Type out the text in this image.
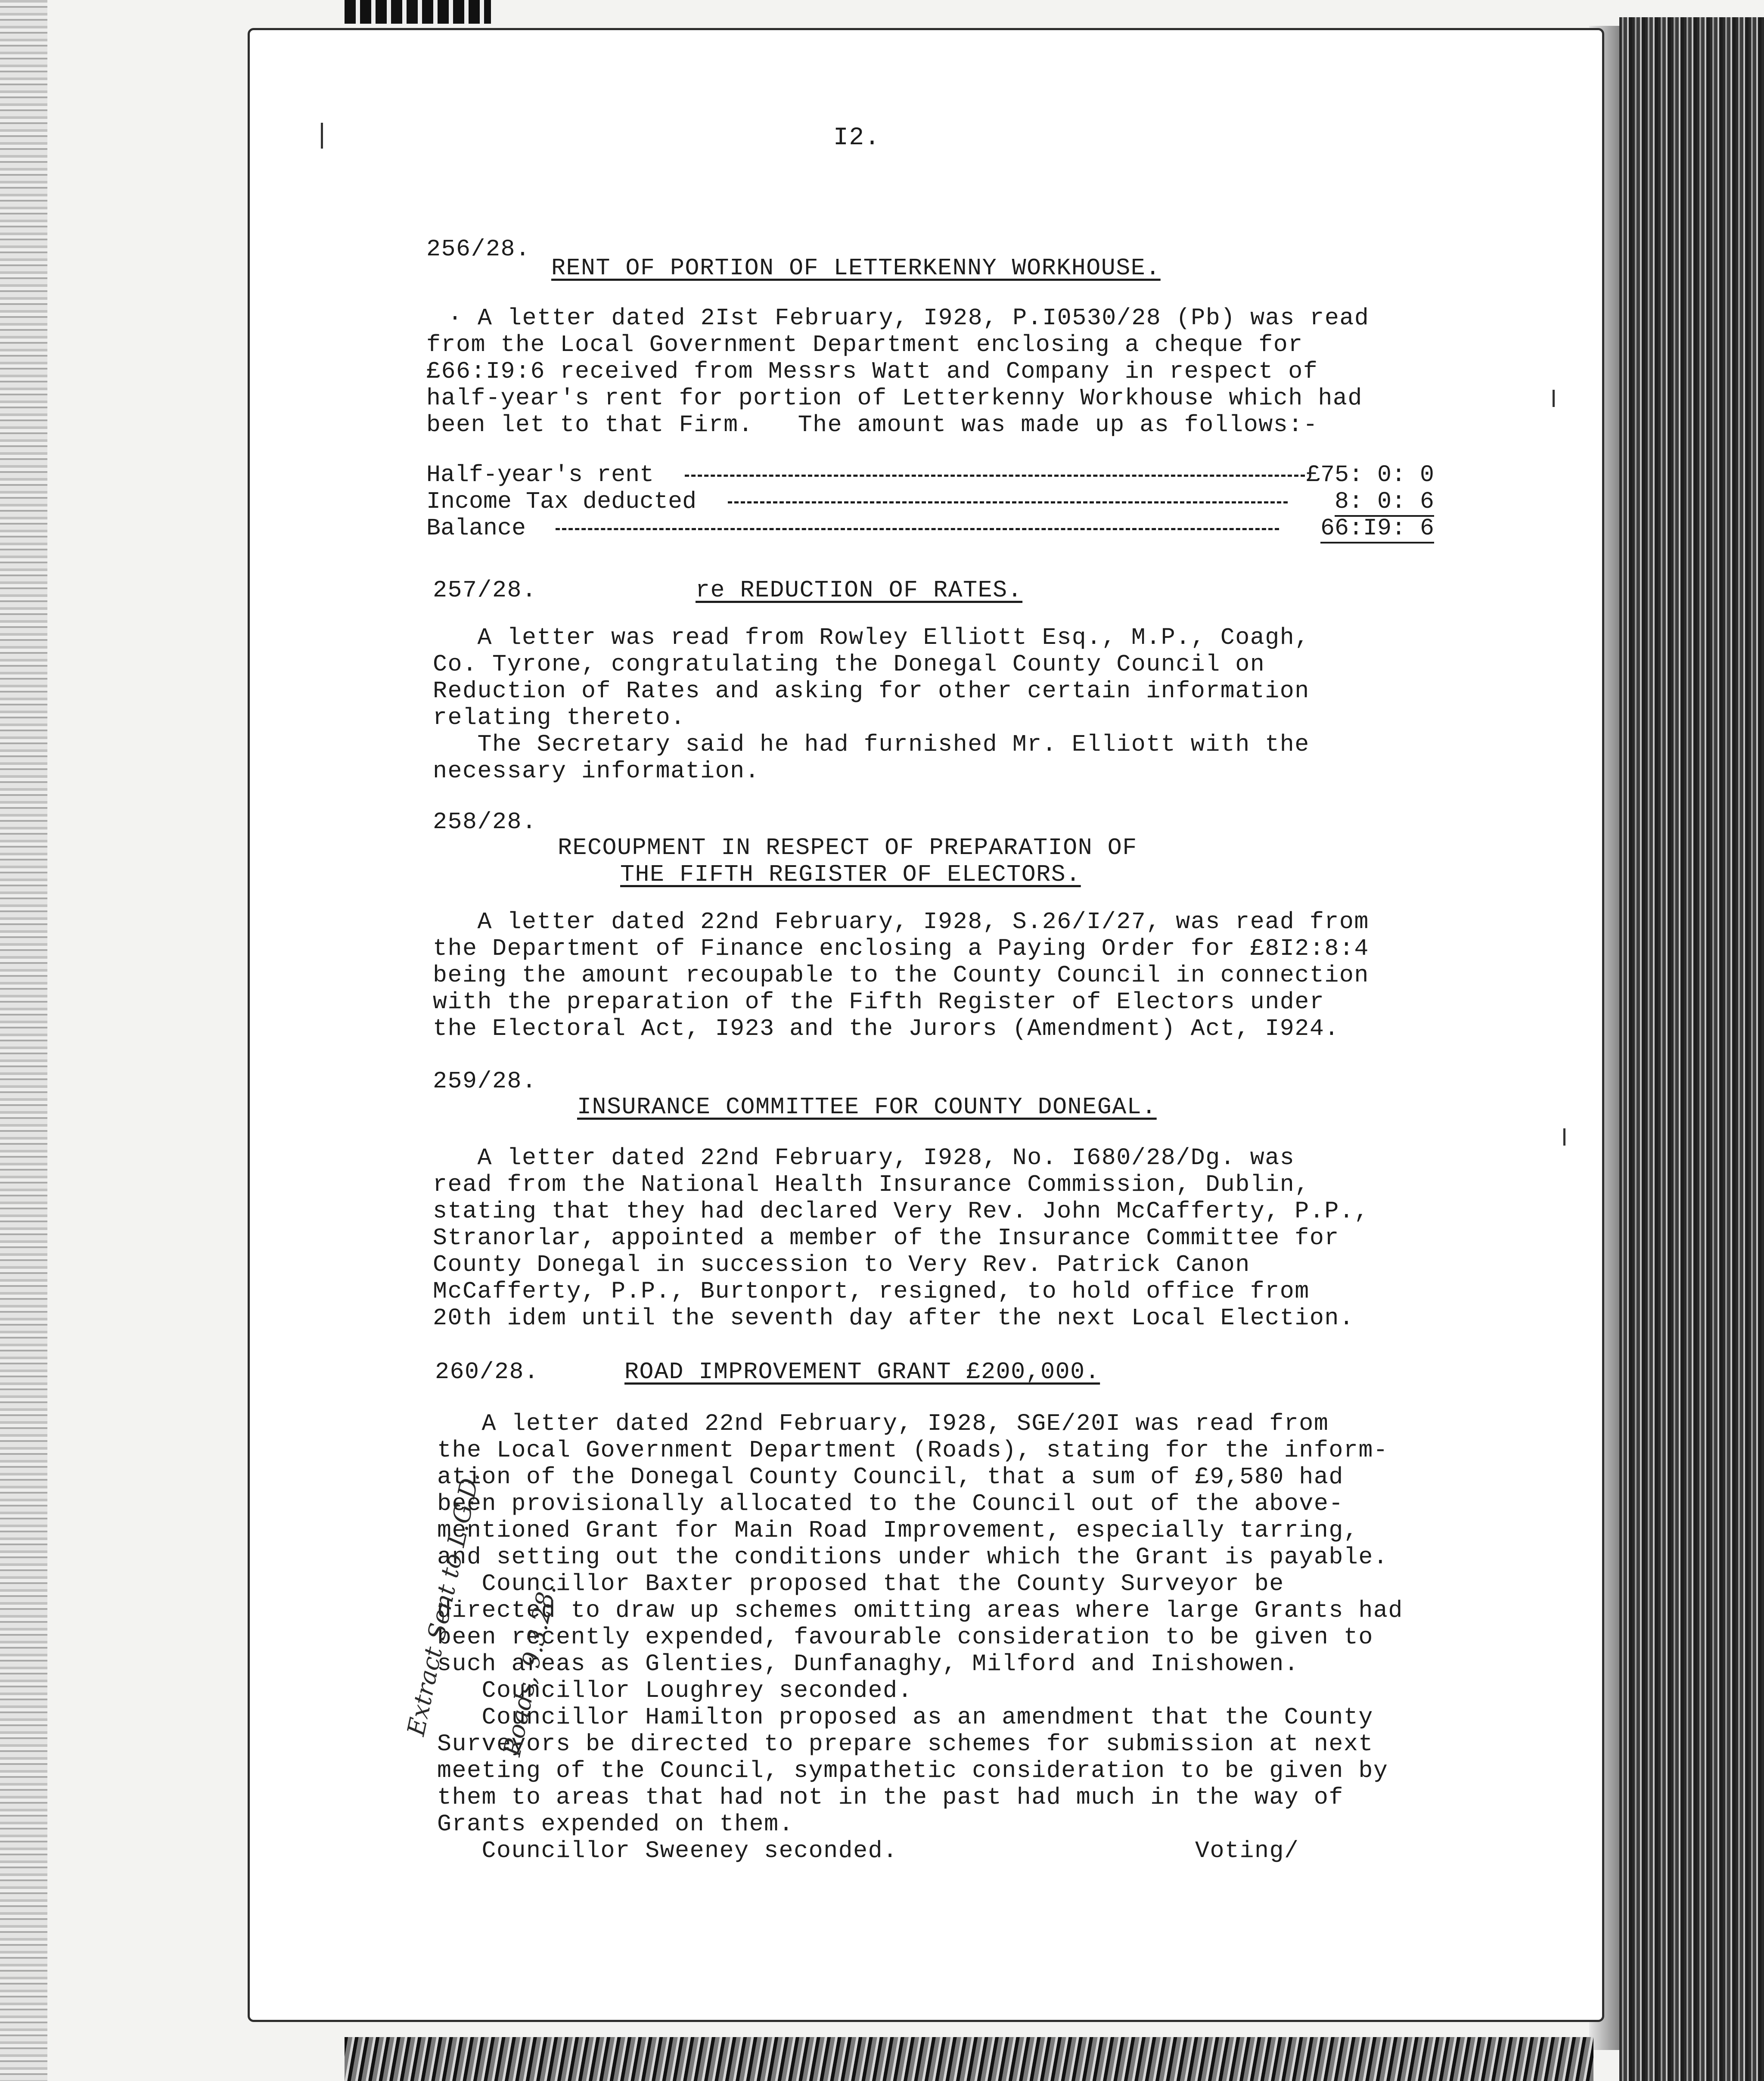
I2.

256/28.

RENT OF PORTION OF LETTERKENNY WORKHOUSE.

· A letter dated 2Ist February, I928, P.I0530/28 (Pb) was read

from the Local Government Department enclosing a cheque for

£66:I9:6 received from Messrs Watt and Company in respect of

half-year's rent for portion of Letterkenny Workhouse which had

been let to that Firm.   The amount was made up as follows:-

Half-year's rent	£75: 0: 0
Income Tax deducted	8: 0: 6
Balance	66:I9: 6

257/28.	re REDUCTION OF RATES.

A letter was read from Rowley Elliott Esq., M.P., Coagh,

Co. Tyrone, congratulating the Donegal County Council on

Reduction of Rates and asking for other certain information

relating thereto.

The Secretary said he had furnished Mr. Elliott with the

necessary information.

258/28.

RECOUPMENT IN RESPECT OF PREPARATION OF

THE FIFTH REGISTER OF ELECTORS.

A letter dated 22nd February, I928, S.26/I/27, was read from

the Department of Finance enclosing a Paying Order for £8I2:8:4

being the amount recoupable to the County Council in connection

with the preparation of the Fifth Register of Electors under

the Electoral Act, I923 and the Jurors (Amendment) Act, I924.

259/28.

INSURANCE COMMITTEE FOR COUNTY DONEGAL.

A letter dated 22nd February, I928, No. I680/28/Dg. was

read from the National Health Insurance Commission, Dublin,

stating that they had declared Very Rev. John McCafferty, P.P.,

Stranorlar, appointed a member of the Insurance Committee for

County Donegal in succession to Very Rev. Patrick Canon

McCafferty, P.P., Burtonport, resigned, to hold office from

20th idem until the seventh day after the next Local Election.

260/28.	ROAD IMPROVEMENT GRANT £200,000.

A letter dated 22nd February, I928, SGE/20I was read from

the Local Government Department (Roads), stating for the inform-

ation of the Donegal County Council, that a sum of £9,580 had

been provisionally allocated to the Council out of the above-

mentioned Grant for Main Road Improvement, especially tarring,

and setting out the conditions under which the Grant is payable.

Councillor Baxter proposed that the County Surveyor be

directed to draw up schemes omitting areas where large Grants had

been recently expended, favourable consideration to be given to

such areas as Glenties, Dunfanaghy, Milford and Inishowen.

Councillor Loughrey seconded.

Councillor Hamilton proposed as an amendment that the County

Surveyors be directed to prepare schemes for submission at next

meeting of the Council, sympathetic consideration to be given by

them to areas that had not in the past had much in the way of

Grants expended on them.

Councillor Sweeney seconded.	Voting/

Extract Sent to L.G.D.

Roads, 9.3.28.
